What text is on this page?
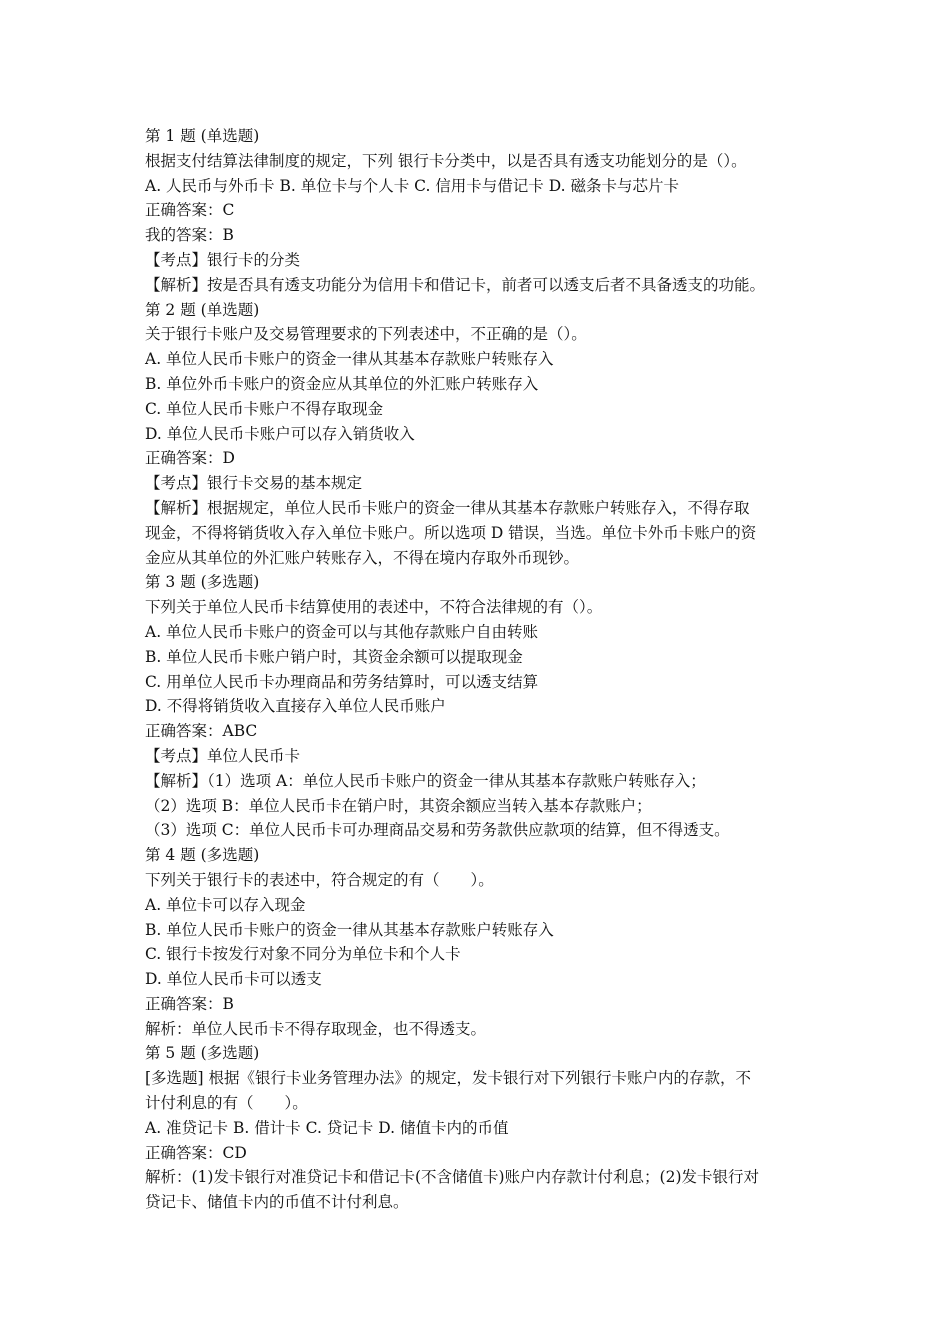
第 1 题 (单选题)

根据支付结算法律制度的规定，下列 银行卡分类中，以是否具有透支功能划分的是（）。

A. 人民币与外币卡 B. 单位卡与个人卡 C. 信用卡与借记卡 D. 磁条卡与芯片卡

正确答案：C

我的答案：B

【考点】银行卡的分类

【解析】按是否具有透支功能分为信用卡和借记卡，前者可以透支后者不具备透支的功能。

第 2 题 (单选题)

关于银行卡账户及交易管理要求的下列表述中，不正确的是（）。

A. 单位人民币卡账户的资金一律从其基本存款账户转账存入

B. 单位外币卡账户的资金应从其单位的外汇账户转账存入

C. 单位人民币卡账户不得存取现金

D. 单位人民币卡账户可以存入销货收入

正确答案：D

【考点】银行卡交易的基本规定

【解析】根据规定，单位人民币卡账户的资金一律从其基本存款账户转账存入，不得存取

现金，不得将销货收入存入单位卡账户。所以选项 D 错误，当选。单位卡外币卡账户的资

金应从其单位的外汇账户转账存入，不得在境内存取外币现钞。

第 3 题 (多选题)

下列关于单位人民币卡结算使用的表述中，不符合法律规的有（）。

A. 单位人民币卡账户的资金可以与其他存款账户自由转账

B. 单位人民币卡账户销户时，其资金余额可以提取现金

C. 用单位人民币卡办理商品和劳务结算时，可以透支结算

D. 不得将销货收入直接存入单位人民币账户

正确答案：ABC

【考点】单位人民币卡

【解析】（1）选项 A：单位人民币卡账户的资金一律从其基本存款账户转账存入；

（2）选项 B：单位人民币卡在销户时，其资余额应当转入基本存款账户；

（3）选项 C：单位人民币卡可办理商品交易和劳务款供应款项的结算，但不得透支。

第 4 题 (多选题)

下列关于银行卡的表述中，符合规定的有（　　）。

A. 单位卡可以存入现金

B. 单位人民币卡账户的资金一律从其基本存款账户转账存入

C. 银行卡按发行对象不同分为单位卡和个人卡

D. 单位人民币卡可以透支

正确答案：B

解析：单位人民币卡不得存取现金，也不得透支。

第 5 题 (多选题)

[多选题] 根据《银行卡业务管理办法》的规定，发卡银行对下列银行卡账户内的存款，不

计付利息的有（　　）。

A. 准贷记卡 B. 借计卡 C. 贷记卡 D. 储值卡内的币值

正确答案：CD

解析：(1)发卡银行对准贷记卡和借记卡(不含储值卡)账户内存款计付利息；(2)发卡银行对

贷记卡、储值卡内的币值不计付利息。
